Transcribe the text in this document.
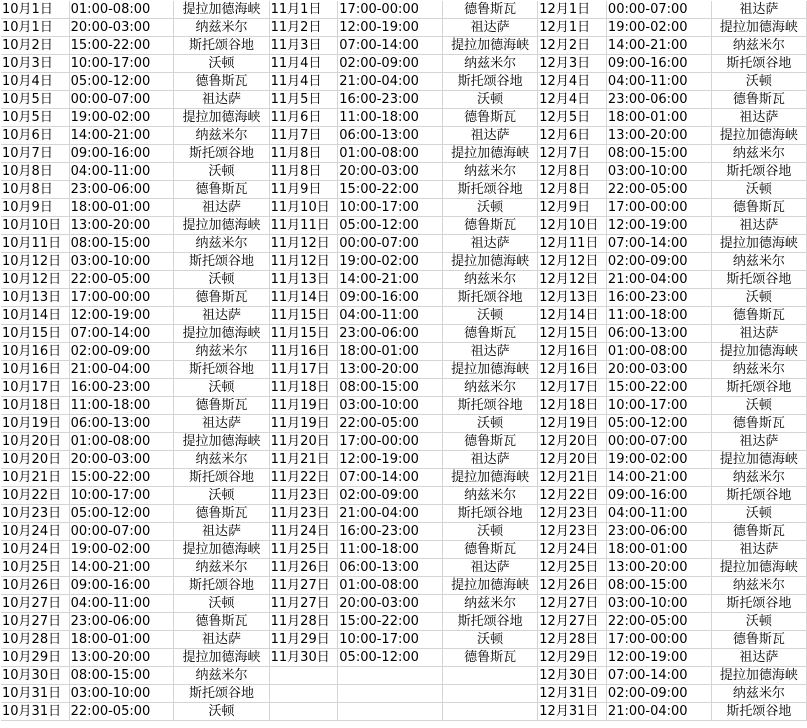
10月1日	01:00-08:00	提拉加德海峡	11月1日	17:00-00:00	德鲁斯瓦	12月1日	00:00-07:00	祖达萨
10月1日	20:00-03:00	纳兹米尔	11月2日	12:00-19:00	祖达萨	12月1日	19:00-02:00	提拉加德海峡
10月2日	15:00-22:00	斯托颂谷地	11月3日	07:00-14:00	提拉加德海峡	12月2日	14:00-21:00	纳兹米尔
10月3日	10:00-17:00	沃顿	11月4日	02:00-09:00	纳兹米尔	12月3日	09:00-16:00	斯托颂谷地
10月4日	05:00-12:00	德鲁斯瓦	11月4日	21:00-04:00	斯托颂谷地	12月4日	04:00-11:00	沃顿
10月5日	00:00-07:00	祖达萨	11月5日	16:00-23:00	沃顿	12月4日	23:00-06:00	德鲁斯瓦
10月5日	19:00-02:00	提拉加德海峡	11月6日	11:00-18:00	德鲁斯瓦	12月5日	18:00-01:00	祖达萨
10月6日	14:00-21:00	纳兹米尔	11月7日	06:00-13:00	祖达萨	12月6日	13:00-20:00	提拉加德海峡
10月7日	09:00-16:00	斯托颂谷地	11月8日	01:00-08:00	提拉加德海峡	12月7日	08:00-15:00	纳兹米尔
10月8日	04:00-11:00	沃顿	11月8日	20:00-03:00	纳兹米尔	12月8日	03:00-10:00	斯托颂谷地
10月8日	23:00-06:00	德鲁斯瓦	11月9日	15:00-22:00	斯托颂谷地	12月8日	22:00-05:00	沃顿
10月9日	18:00-01:00	祖达萨	11月10日	10:00-17:00	沃顿	12月9日	17:00-00:00	德鲁斯瓦
10月10日	13:00-20:00	提拉加德海峡	11月11日	05:00-12:00	德鲁斯瓦	12月10日	12:00-19:00	祖达萨
10月11日	08:00-15:00	纳兹米尔	11月12日	00:00-07:00	祖达萨	12月11日	07:00-14:00	提拉加德海峡
10月12日	03:00-10:00	斯托颂谷地	11月12日	19:00-02:00	提拉加德海峡	12月12日	02:00-09:00	纳兹米尔
10月12日	22:00-05:00	沃顿	11月13日	14:00-21:00	纳兹米尔	12月12日	21:00-04:00	斯托颂谷地
10月13日	17:00-00:00	德鲁斯瓦	11月14日	09:00-16:00	斯托颂谷地	12月13日	16:00-23:00	沃顿
10月14日	12:00-19:00	祖达萨	11月15日	04:00-11:00	沃顿	12月14日	11:00-18:00	德鲁斯瓦
10月15日	07:00-14:00	提拉加德海峡	11月15日	23:00-06:00	德鲁斯瓦	12月15日	06:00-13:00	祖达萨
10月16日	02:00-09:00	纳兹米尔	11月16日	18:00-01:00	祖达萨	12月16日	01:00-08:00	提拉加德海峡
10月16日	21:00-04:00	斯托颂谷地	11月17日	13:00-20:00	提拉加德海峡	12月16日	20:00-03:00	纳兹米尔
10月17日	16:00-23:00	沃顿	11月18日	08:00-15:00	纳兹米尔	12月17日	15:00-22:00	斯托颂谷地
10月18日	11:00-18:00	德鲁斯瓦	11月19日	03:00-10:00	斯托颂谷地	12月18日	10:00-17:00	沃顿
10月19日	06:00-13:00	祖达萨	11月19日	22:00-05:00	沃顿	12月19日	05:00-12:00	德鲁斯瓦
10月20日	01:00-08:00	提拉加德海峡	11月20日	17:00-00:00	德鲁斯瓦	12月20日	00:00-07:00	祖达萨
10月20日	20:00-03:00	纳兹米尔	11月21日	12:00-19:00	祖达萨	12月20日	19:00-02:00	提拉加德海峡
10月21日	15:00-22:00	斯托颂谷地	11月22日	07:00-14:00	提拉加德海峡	12月21日	14:00-21:00	纳兹米尔
10月22日	10:00-17:00	沃顿	11月23日	02:00-09:00	纳兹米尔	12月22日	09:00-16:00	斯托颂谷地
10月23日	05:00-12:00	德鲁斯瓦	11月23日	21:00-04:00	斯托颂谷地	12月23日	04:00-11:00	沃顿
10月24日	00:00-07:00	祖达萨	11月24日	16:00-23:00	沃顿	12月23日	23:00-06:00	德鲁斯瓦
10月24日	19:00-02:00	提拉加德海峡	11月25日	11:00-18:00	德鲁斯瓦	12月24日	18:00-01:00	祖达萨
10月25日	14:00-21:00	纳兹米尔	11月26日	06:00-13:00	祖达萨	12月25日	13:00-20:00	提拉加德海峡
10月26日	09:00-16:00	斯托颂谷地	11月27日	01:00-08:00	提拉加德海峡	12月26日	08:00-15:00	纳兹米尔
10月27日	04:00-11:00	沃顿	11月27日	20:00-03:00	纳兹米尔	12月27日	03:00-10:00	斯托颂谷地
10月27日	23:00-06:00	德鲁斯瓦	11月28日	15:00-22:00	斯托颂谷地	12月27日	22:00-05:00	沃顿
10月28日	18:00-01:00	祖达萨	11月29日	10:00-17:00	沃顿	12月28日	17:00-00:00	德鲁斯瓦
10月29日	13:00-20:00	提拉加德海峡	11月30日	05:00-12:00	德鲁斯瓦	12月29日	12:00-19:00	祖达萨
10月30日	08:00-15:00	纳兹米尔				12月30日	07:00-14:00	提拉加德海峡
10月31日	03:00-10:00	斯托颂谷地				12月31日	02:00-09:00	纳兹米尔
10月31日	22:00-05:00	沃顿				12月31日	21:00-04:00	斯托颂谷地
